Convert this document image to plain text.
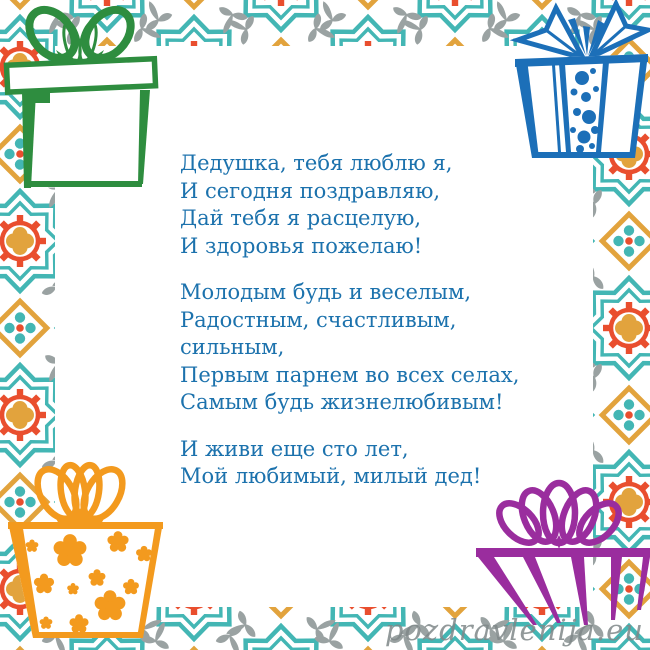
Дедушка, тебя люблю я,
И сегодня поздравляю,
Дай тебя я расцелую,
И здоровья пожелаю!
Молодым будь и веселым,
Радостным, счастливым,
сильным,
Первым парнем во всех селах,
Самым будь жизнелюбивым!
И живи еще сто лет,
Мой любимый, милый дед!
pozdravlenija.eu
